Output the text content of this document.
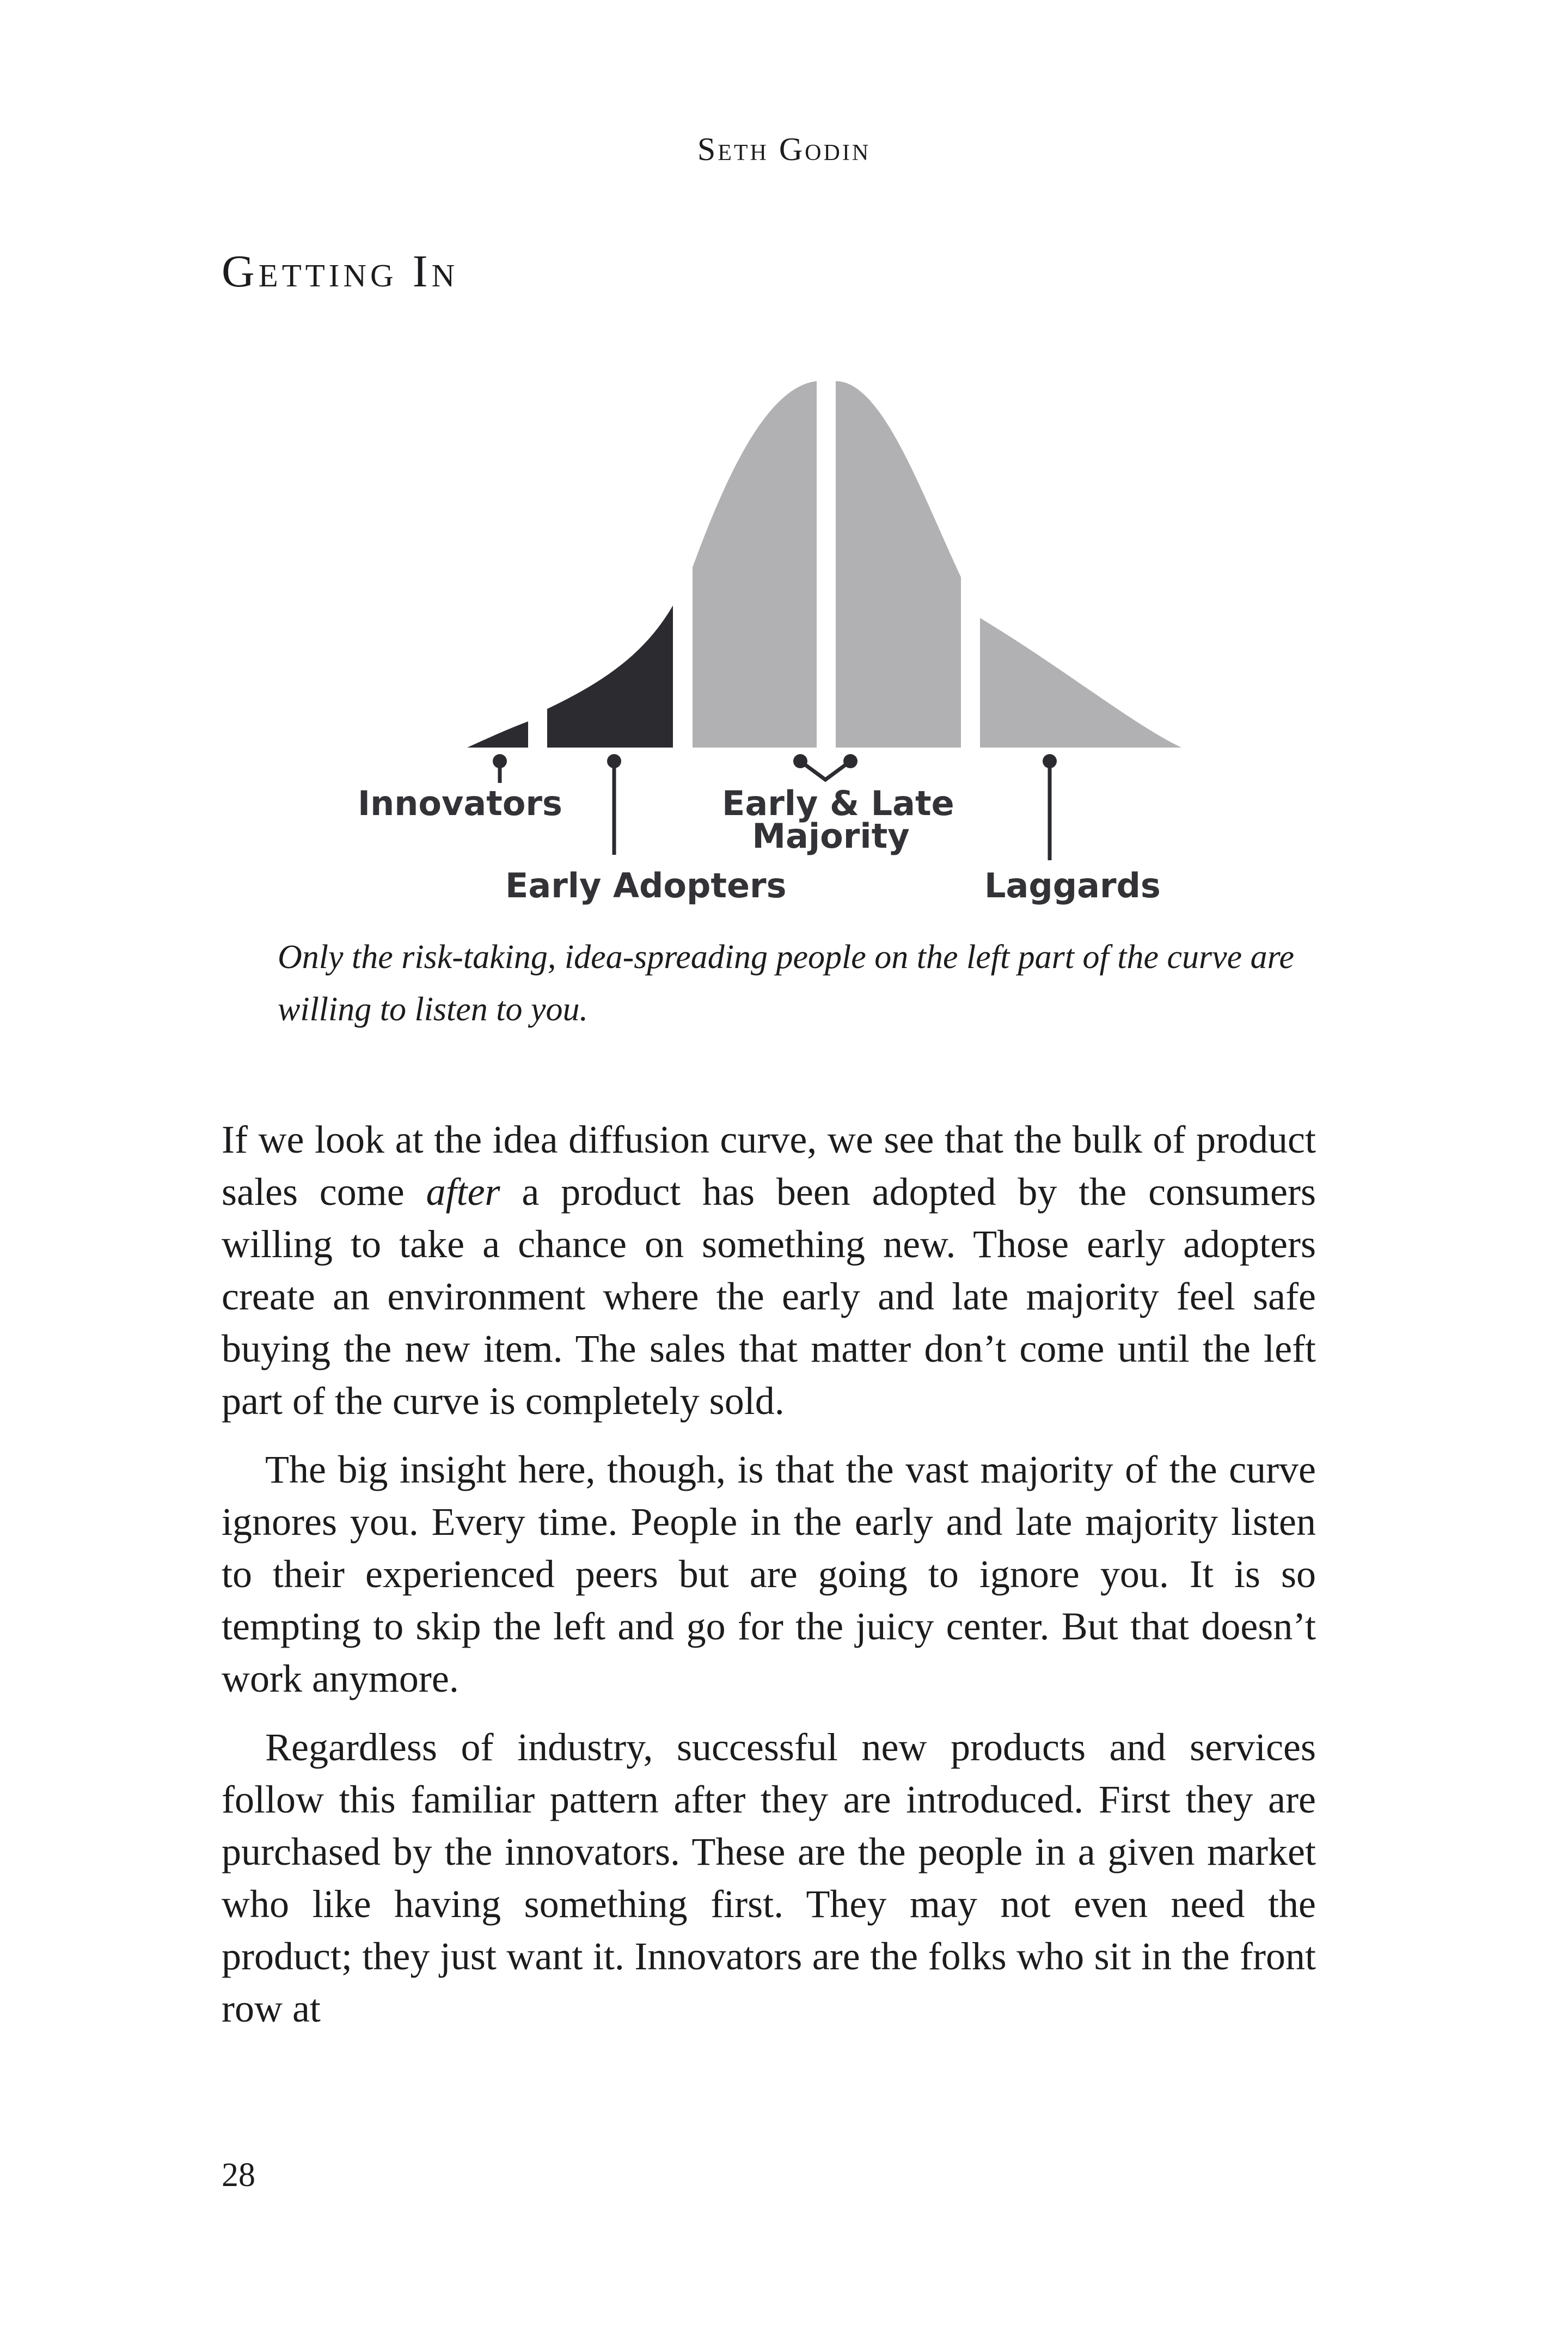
Seth Godin
Getting In
Innovators
Early Adopters
Early & Late
Majority
Laggards

Only the risk-taking, idea-spreading people on the left part of the curve are willing to listen to you.

If we look at the idea diffusion curve, we see that the bulk of product sales come after a product has been adopted by the consumers willing to take a chance on something new. Those early adopters create an environment where the early and late majority feel safe buying the new item. The sales that matter don’t come until the left part of the curve is completely sold.

The big insight here, though, is that the vast majority of the curve ignores you. Every time. People in the early and late majority listen to their experienced peers but are going to ignore you. It is so tempting to skip the left and go for the juicy center. But that doesn’t work anymore.

Regardless of industry, successful new products and services follow this familiar pattern after they are introduced. First they are purchased by the innovators. These are the people in a given market who like having something first. They may not even need the product; they just want it. Innovators are the folks who sit in the front row at

28
